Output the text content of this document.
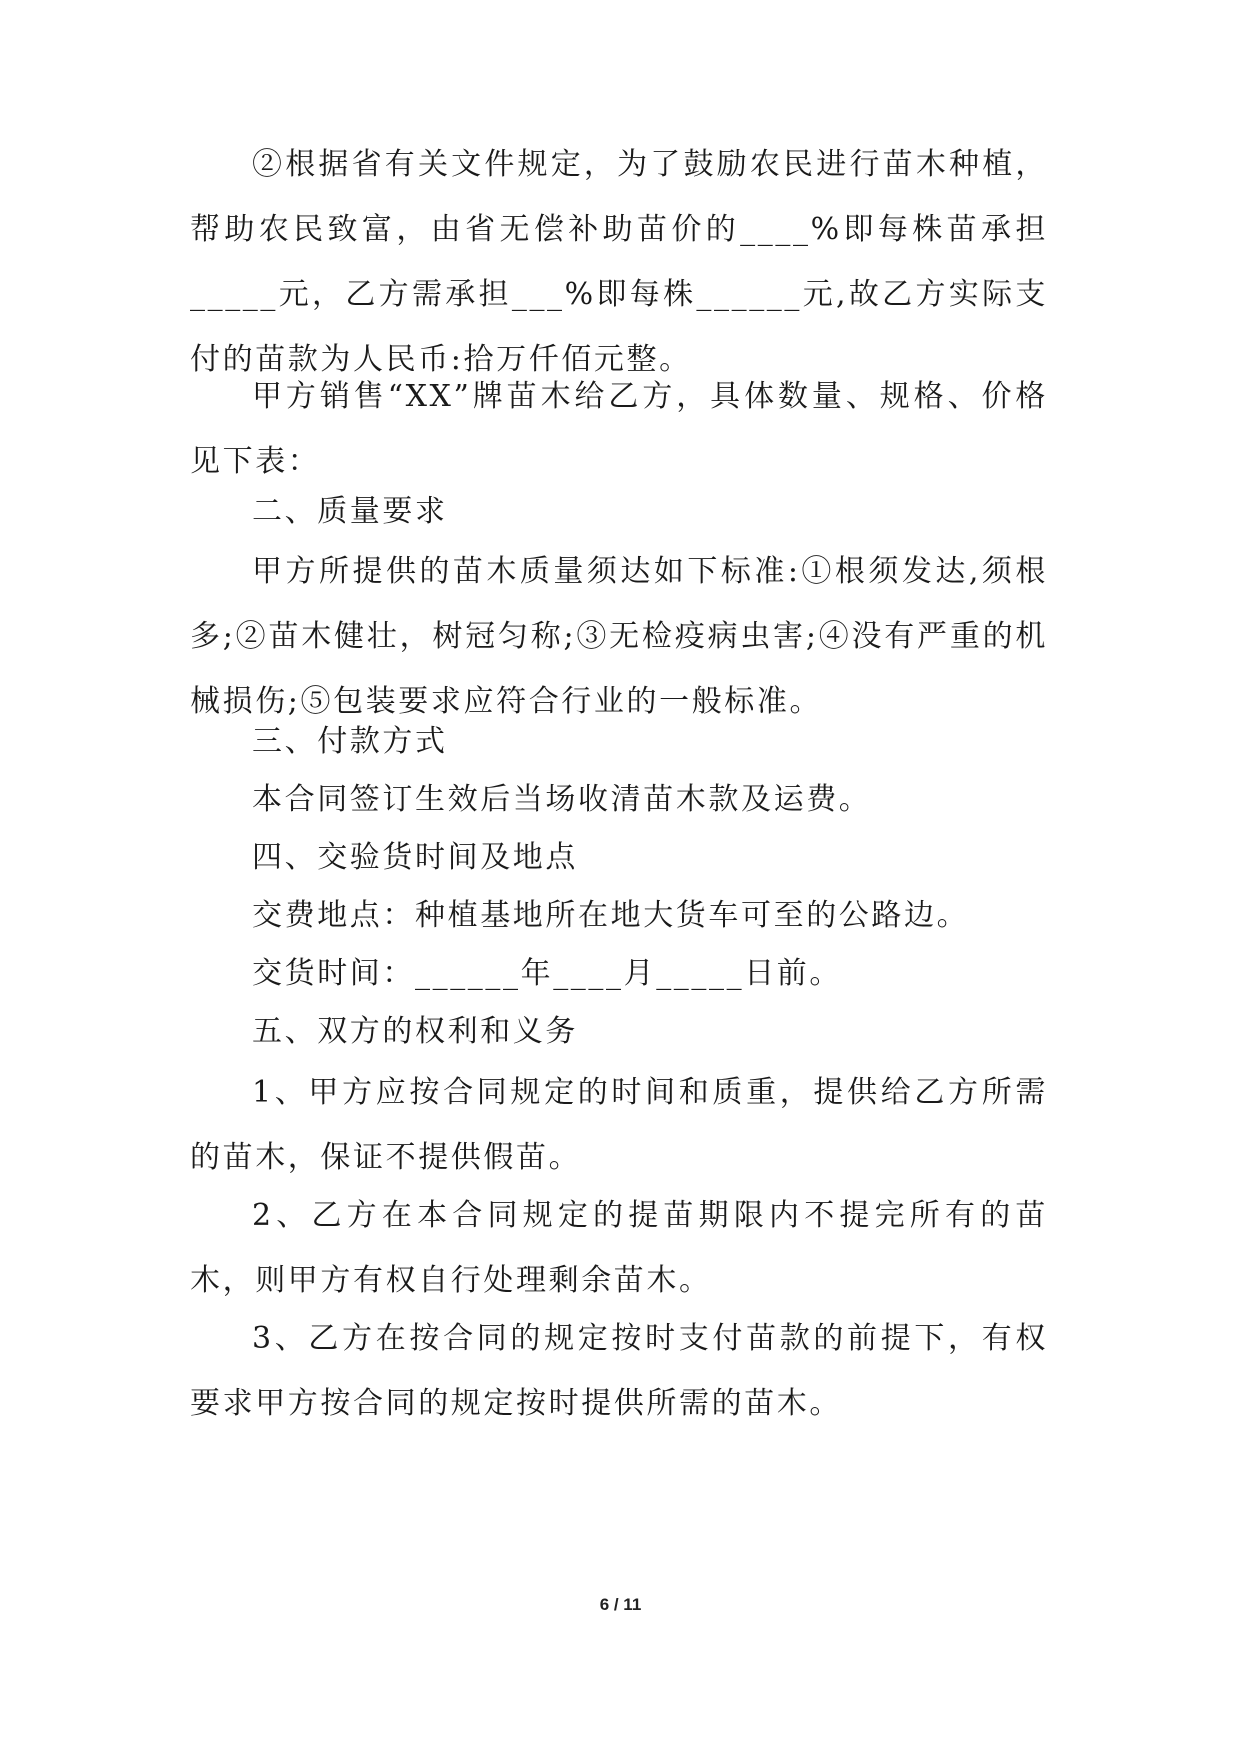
②根据省有关文件规定，为了鼓励农民进行苗木种植，帮助农民致富，由省无偿补助苗价的____%即每株苗承担_____元，乙方需承担___%即每株______元,故乙方实际支付的苗款为人民币:拾万仟佰元整。

甲方销售“XX”牌苗木给乙方，具体数量、规格、价格见下表：

二、质量要求

甲方所提供的苗木质量须达如下标准:①根须发达,须根多;②苗木健壮，树冠匀称;③无检疫病虫害;④没有严重的机械损伤;⑤包装要求应符合行业的一般标准。

三、付款方式

本合同签订生效后当场收清苗木款及运费。

四、交验货时间及地点

交费地点：种植基地所在地大货车可至的公路边。

交货时间：______年____月_____日前。

五、双方的权利和义务

1、甲方应按合同规定的时间和质重，提供给乙方所需的苗木，保证不提供假苗。

2、乙方在本合同规定的提苗期限内不提完所有的苗木，则甲方有权自行处理剩余苗木。

3、乙方在按合同的规定按时支付苗款的前提下，有权要求甲方按合同的规定按时提供所需的苗木。

6 / 11
